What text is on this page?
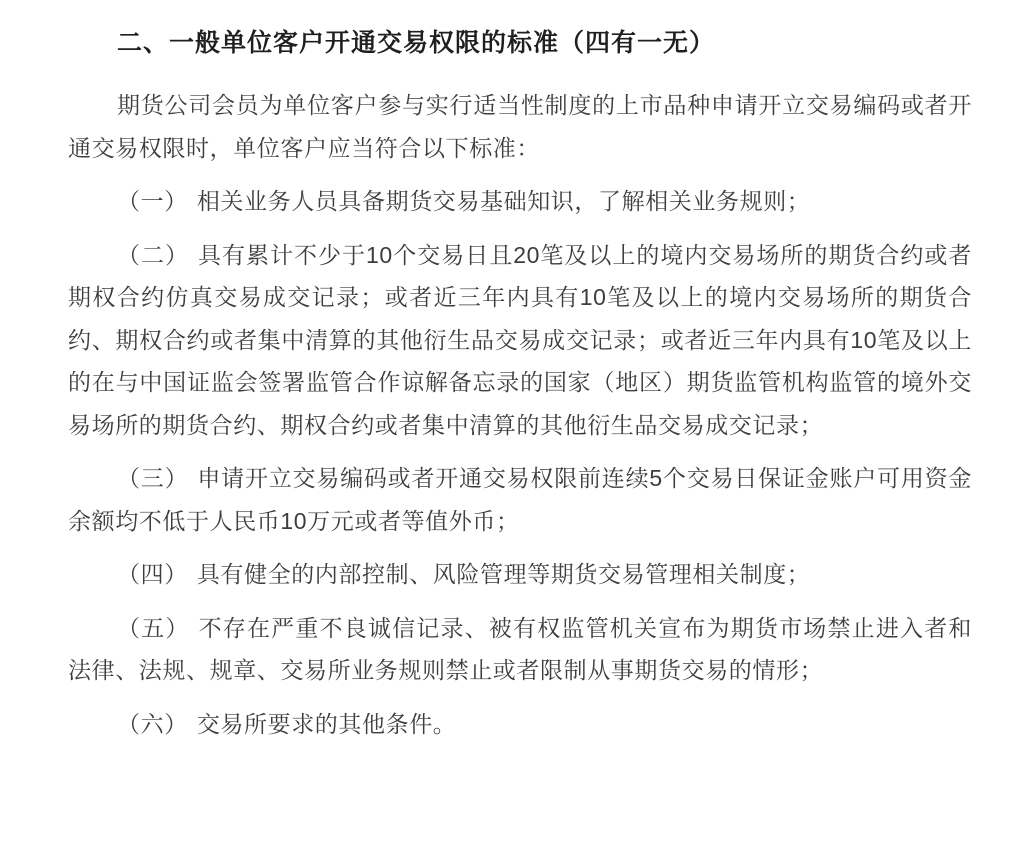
二、一般单位客户开通交易权限的标准（四有一无）

期货公司会员为单位客户参与实行适当性制度的上市品种申请开立交易编码或者开通交易权限时，单位客户应当符合以下标准：

（一） 相关业务人员具备期货交易基础知识，了解相关业务规则；

（二） 具有累计不少于10个交易日且20笔及以上的境内交易场所的期货合约或者期权合约仿真交易成交记录；或者近三年内具有10笔及以上的境内交易场所的期货合约、期权合约或者集中清算的其他衍生品交易成交记录；或者近三年内具有10笔及以上的在与中国证监会签署监管合作谅解备忘录的国家（地区）期货监管机构监管的境外交易场所的期货合约、期权合约或者集中清算的其他衍生品交易成交记录；

（三） 申请开立交易编码或者开通交易权限前连续5个交易日保证金账户可用资金余额均不低于人民币10万元或者等值外币；

（四） 具有健全的内部控制、风险管理等期货交易管理相关制度；

（五） 不存在严重不良诚信记录、被有权监管机关宣布为期货市场禁止进入者和法律、法规、规章、交易所业务规则禁止或者限制从事期货交易的情形；

（六） 交易所要求的其他条件。
